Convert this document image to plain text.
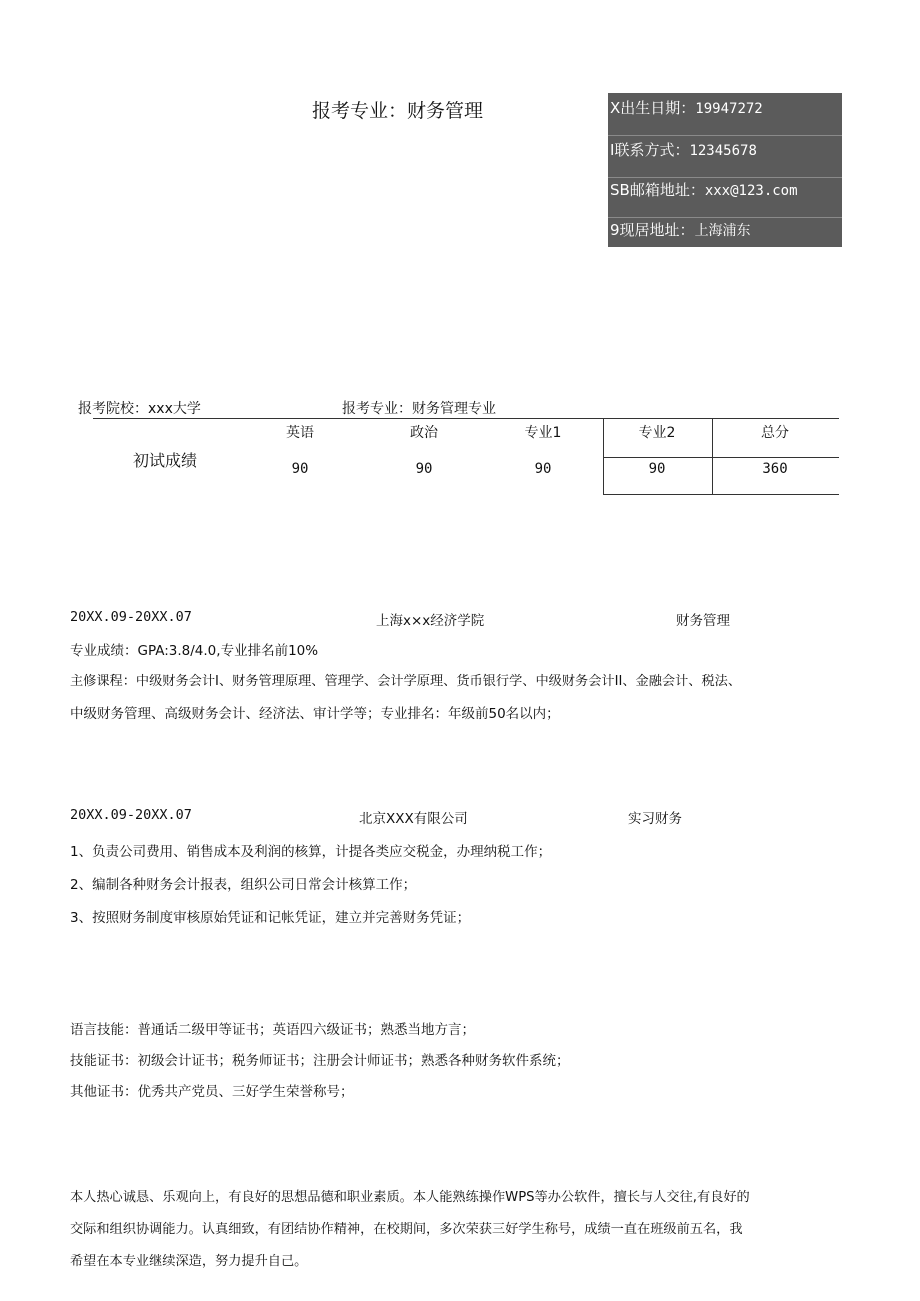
报考专业：财务管理	X出生日期：19947272
I联系方式：12345678
SB邮箱地址：xxx@123.com
9现居地址：上海浦东
报考院校：xxx大学	报考专业：财务管理专业
初试成绩
英语	政治	专业1	专业2	总分
90	90	90	90	360
20XX.09-20XX.07	上海x×x经济学院	财务管理
专业成绩：GPA:3.8/4.0,专业排名前10%
主修课程：中级财务会计I、财务管理原理、管理学、会计学原理、货币银行学、中级财务会计II、金融会计、税法、
中级财务管理、高级财务会计、经济法、审计学等；专业排名：年级前50名以内；
20XX.09-20XX.07	北京XXX有限公司	实习财务
1、负责公司费用、销售成本及利润的核算，计提各类应交税金，办理纳税工作；
2、编制各种财务会计报表，组织公司日常会计核算工作；
3、按照财务制度审核原始凭证和记帐凭证，建立并完善财务凭证；
语言技能：普通话二级甲等证书；英语四六级证书；熟悉当地方言；
技能证书：初级会计证书；税务师证书；注册会计师证书；熟悉各种财务软件系统；
其他证书：优秀共产党员、三好学生荣誉称号；
本人热心诚恳、乐观向上，有良好的思想品德和职业素质。本人能熟练操作WPS等办公软件，擅长与人交往,有良好的
交际和组织协调能力。认真细致，有团结协作精神，在校期间，多次荣获三好学生称号，成绩一直在班级前五名，我
希望在本专业继续深造，努力提升自己。
